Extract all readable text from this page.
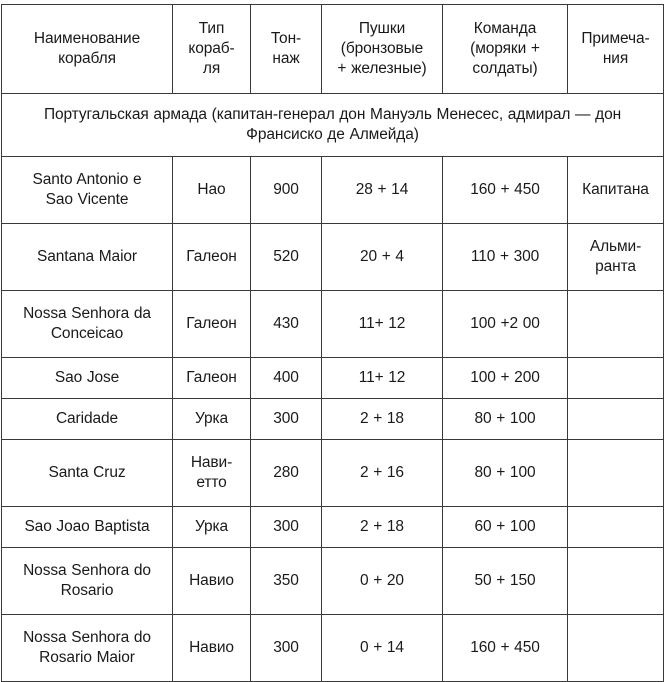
Наименование
корабля	Тип
кораб-
ля	Тон-
наж	Пушки
(бронзовые
+ железные)	Команда
(моряки +
солдаты)	Примеча-
ния
Португальская армада (капитан-генерал дон Мануэль Менесес, адмирал — дон Франсиско де Алмейда)					
Santo Antonio e
Sao Vicente	Нао	900	28 + 14	160 + 450	Капитана
Santana Maior	Галеон	520	20 + 4	110 + 300	Альми-
ранта
Nossa Senhora da
Conceicao	Галеон	430	11+ 12	100 +2 00	
Sao Jose	Галеон	400	11+ 12	100 + 200	
Caridade	Урка	300	2 + 18	80 + 100	
Santa Cruz	Нави-
етто	280	2 + 16	80 + 100	
Sao Joao Baptista	Урка	300	2 + 18	60 + 100	
Nossa Senhora do
Rosario	Навио	350	0 + 20	50 + 150	
Nossa Senhora do
Rosario Maior	Навио	300	0 + 14	160 + 450	
